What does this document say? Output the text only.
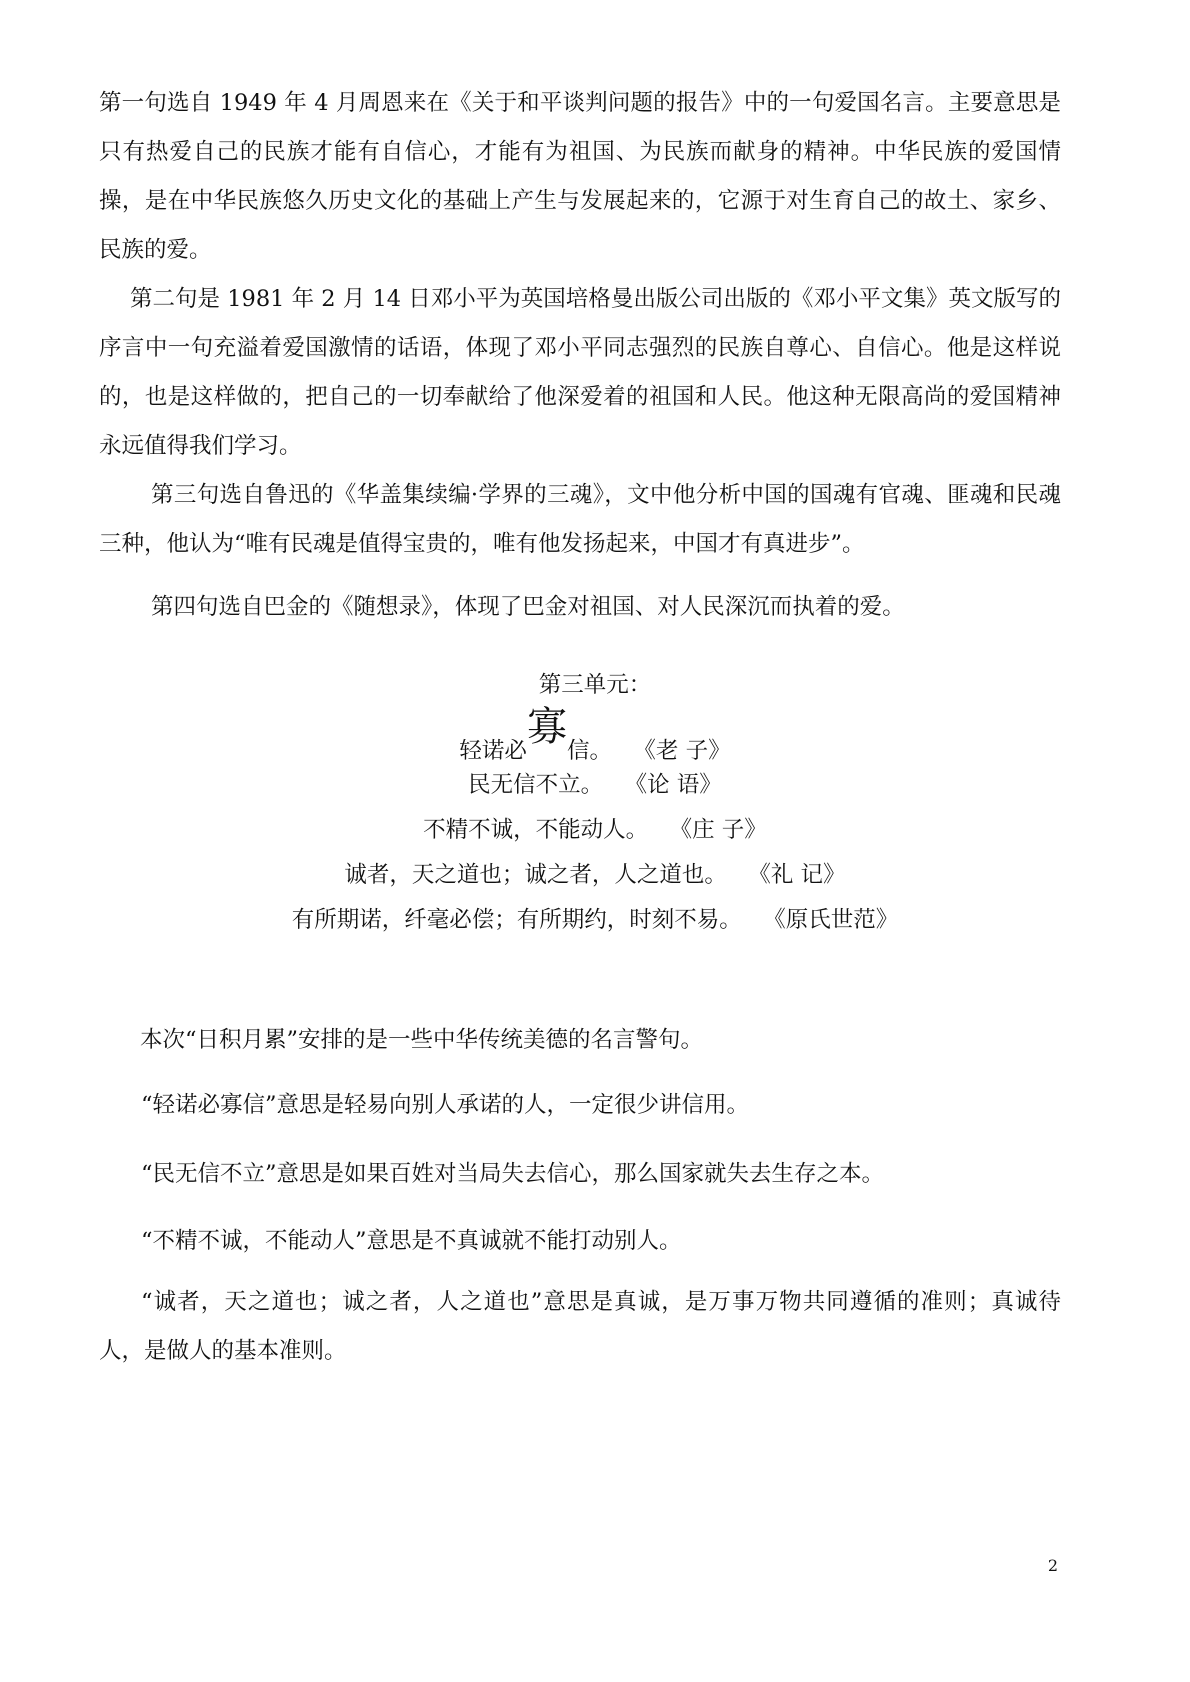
第一句选自 1949 年 4 月周恩来在《关于和平谈判问题的报告》中的一句爱国名言。主要意思是只有热爱自己的民族才能有自信心，才能有为祖国、为民族而献身的精神。中华民族的爱国情操，是在中华民族悠久历史文化的基础上产生与发展起来的，它源于对生育自己的故土、家乡、民族的爱。

第二句是 1981 年 2 月 14 日邓小平为英国培格曼出版公司出版的《邓小平文集》英文版写的序言中一句充溢着爱国激情的话语，体现了邓小平同志强烈的民族自尊心、自信心。他是这样说的，也是这样做的，把自己的一切奉献给了他深爱着的祖国和人民。他这种无限高尚的爱国精神永远值得我们学习。

第三句选自鲁迅的《华盖集续编·学界的三魂》，文中他分析中国的国魂有官魂、匪魂和民魂三种，他认为“唯有民魂是值得宝贵的，唯有他发扬起来，中国才有真进步”。

第四句选自巴金的《随想录》，体现了巴金对祖国、对人民深沉而执着的爱。

第三单元：
轻诺必寡信。 《老 子》
民无信不立。 《论 语》
不精不诚，不能动人。 《庄 子》
诚者，天之道也；诚之者，人之道也。 《礼 记》
有所期诺，纤毫必偿；有所期约，时刻不易。 《原氏世范》
本次“日积月累”安排的是一些中华传统美德的名言警句。
“轻诺必寡信”意思是轻易向别人承诺的人，一定很少讲信用。
“民无信不立”意思是如果百姓对当局失去信心，那么国家就失去生存之本。
“不精不诚，不能动人”意思是不真诚就不能打动别人。

“诚者，天之道也；诚之者，人之道也”意思是真诚，是万事万物共同遵循的准则；真诚待人，是做人的基本准则。

2
